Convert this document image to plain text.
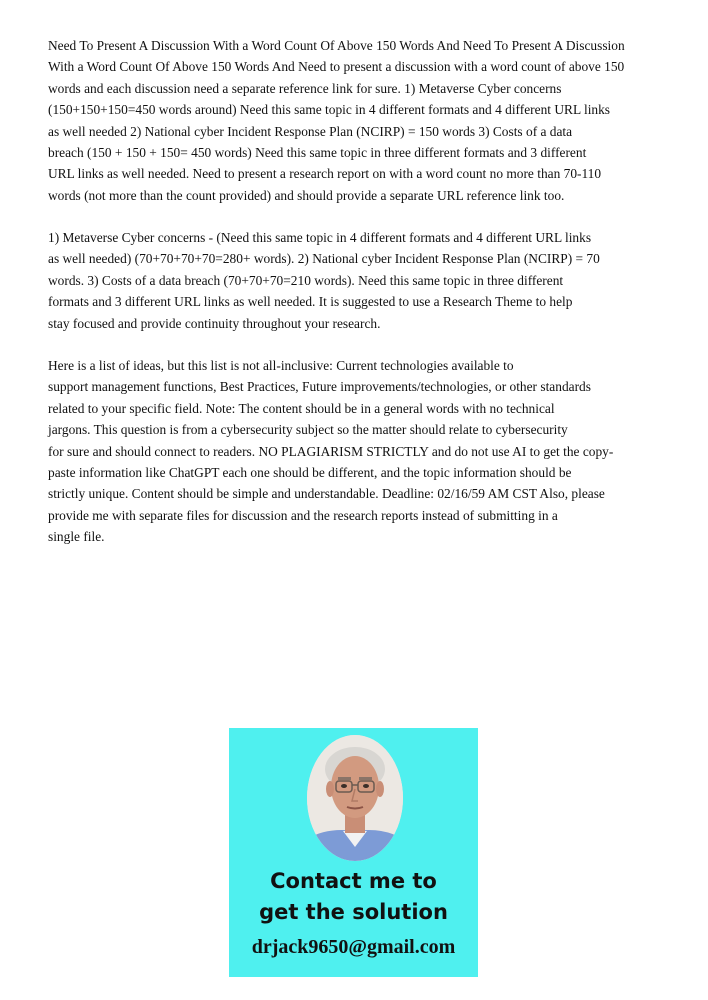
Need To Present A Discussion With a Word Count Of Above 150 Words And Need To Present A Discussion
With a Word Count Of Above 150 Words And Need to present a discussion with a word count of above 150
words and each discussion need a separate reference link for sure. 1) Metaverse Cyber concerns
(150+150+150=450 words around) Need this same topic in 4 different formats and 4 different URL links
as well needed 2) National cyber Incident Response Plan (NCIRP) = 150 words 3) Costs of a data
breach (150 + 150 + 150= 450 words) Need this same topic in three different formats and 3 different
URL links as well needed. Need to present a research report on with a word count no more than 70-110
words (not more than the count provided) and should provide a separate URL reference link too.

1) Metaverse Cyber concerns - (Need this same topic in 4 different formats and 4 different URL links
as well needed) (70+70+70+70=280+ words). 2) National cyber Incident Response Plan (NCIRP) = 70
words. 3) Costs of a data breach (70+70+70=210 words). Need this same topic in three different
formats and 3 different URL links as well needed. It is suggested to use a Research Theme to help
stay focused and provide continuity throughout your research.

Here is a list of ideas, but this list is not all-inclusive: Current technologies available to
support management functions, Best Practices, Future improvements/technologies, or other standards
related to your specific field. Note: The content should be in a general words with no technical
jargons. This question is from a cybersecurity subject so the matter should relate to cybersecurity
for sure and should connect to readers. NO PLAGIARISM STRICTLY and do not use AI to get the copy-
paste information like ChatGPT each one should be different, and the topic information should be
strictly unique. Content should be simple and understandable. Deadline: 02/16/59 AM CST Also, please
provide me with separate files for discussion and the research reports instead of submitting in a
single file.

Contact me to
get the solution
drjack9650@gmail.com
